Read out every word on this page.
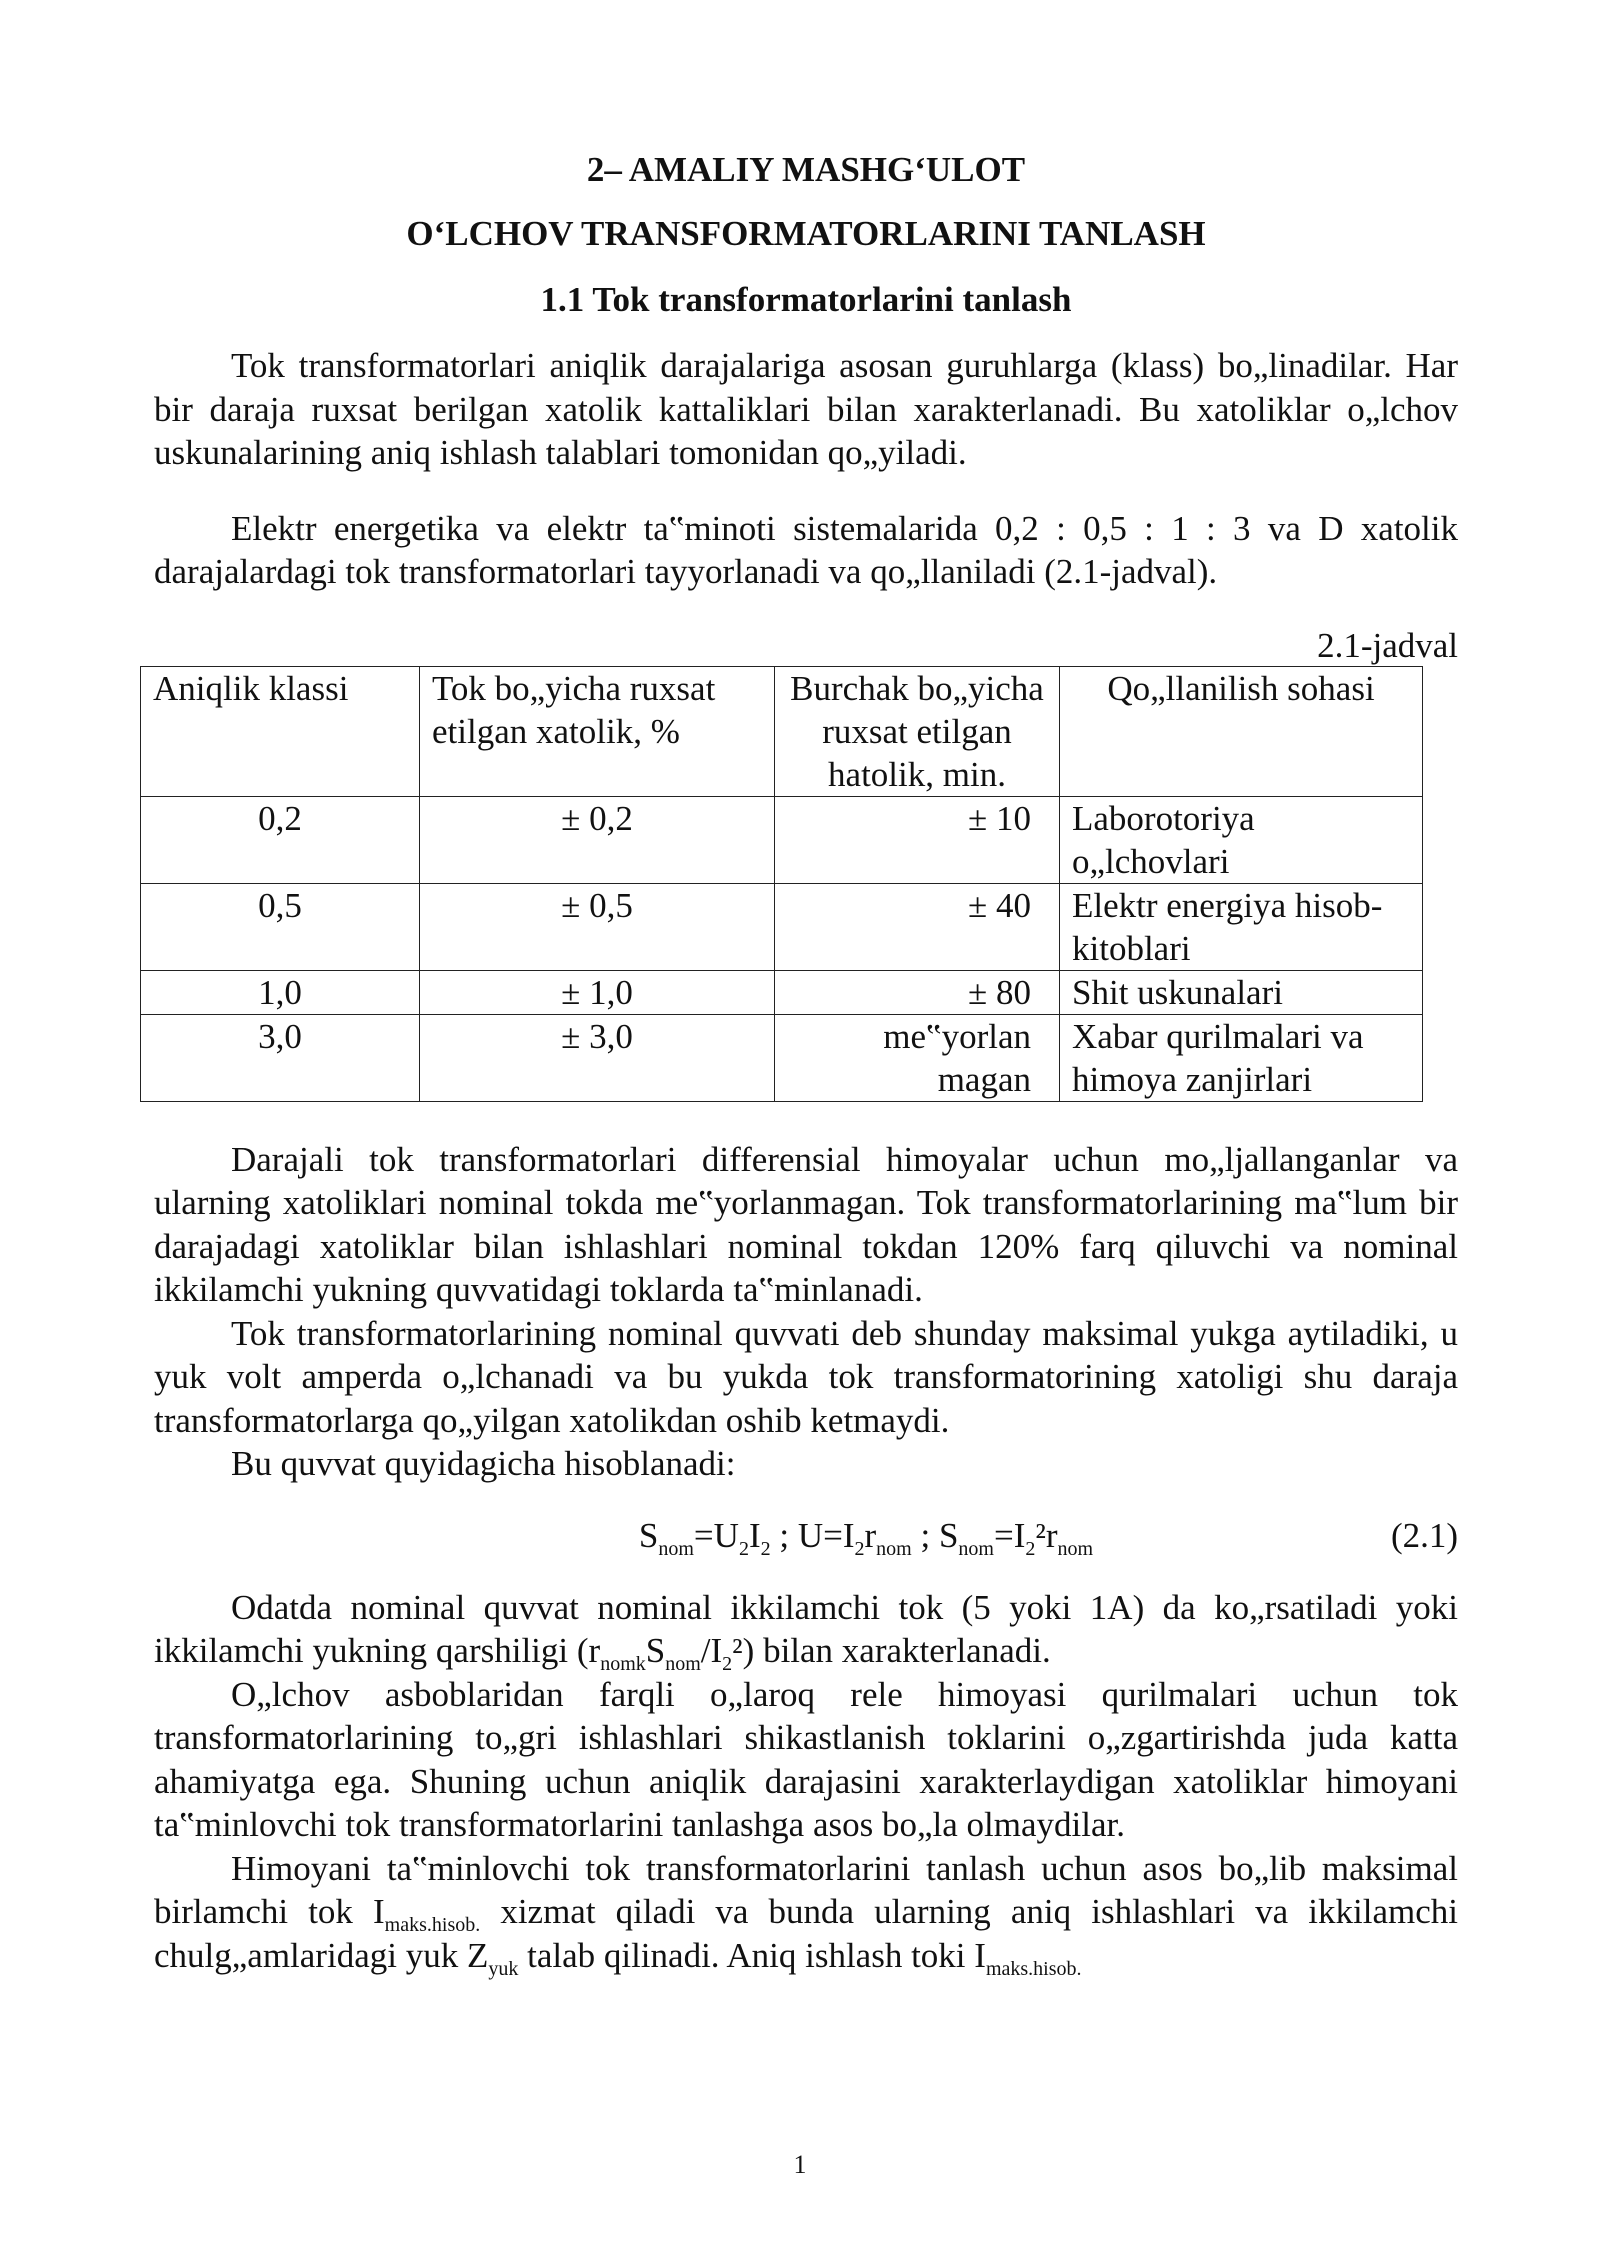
2– AMALIY MASHG‘ULOT
O‘LCHOV TRANSFORMATORLARINI TANLASH
1.1 Tok transformatorlarini tanlash

Tok transformatorlari aniqlik darajalariga asosan guruhlarga (klass) bo„linadilar. Har bir daraja ruxsat berilgan xatolik kattaliklari bilan xarakterlanadi. Bu xatoliklar o„lchov uskunalarining aniq ishlash talablari tomonidan qo„yiladi.

Elektr energetika va elektr ta‟minoti sistemalarida 0,2 : 0,5 : 1 : 3 va D xatolik darajalardagi tok transformatorlari tayyorlanadi va qo„llaniladi (2.1-jadval).

2.1-jadval
Aniqlik klassi	Tok bo„yicha ruxsat etilgan xatolik, %	Burchak bo„yicha ruxsat etilgan hatolik, min.	Qo„llanilish sohasi
0,2	± 0,2	± 10	Laborotoriya o„lchovlari
0,5	± 0,5	± 40	Elektr energiya hisob-kitoblari
1,0	± 1,0	± 80	Shit uskunalari
3,0	± 3,0	me‟yorlan magan	Xabar qurilmalari va himoya zanjirlari

Darajali tok transformatorlari differensial himoyalar uchun mo„ljallanganlar va ularning xatoliklari nominal tokda me‟yorlanmagan. Tok transformatorlarining ma‟lum bir darajadagi xatoliklar bilan ishlashlari nominal tokdan 120% farq qiluvchi va nominal ikkilamchi yukning quvvatidagi toklarda ta‟minlanadi.

Tok transformatorlarining nominal quvvati deb shunday maksimal yukga aytiladiki, u yuk volt amperda o„lchanadi va bu yukda tok transformatorining xatoligi shu daraja transformatorlarga qo„yilgan xatolikdan oshib ketmaydi.

Bu quvvat quyidagicha hisoblanadi:

$S_{nom}=U_2I_2$ ; $U=I_2r_{nom}$ ; $S_{nom}=I_2^2r_{nom}$	(2.1)

Odatda nominal quvvat nominal ikkilamchi tok (5 yoki 1A) da ko„rsatiladi yoki ikkilamchi yukning qarshiligi $(r_{nomk}S_{nom}/I_2^2)$ bilan xarakterlanadi.

O„lchov asboblaridan farqli o„laroq rele himoyasi qurilmalari uchun tok transformatorlarining to„gri ishlashlari shikastlanish toklarini o„zgartirishda juda katta ahamiyatga ega. Shuning uchun aniqlik darajasini xarakterlaydigan xatoliklar himoyani ta‟minlovchi tok transformatorlarini tanlashga asos bo„la olmaydilar.

Himoyani ta‟minlovchi tok transformatorlarini tanlash uchun asos bo„lib maksimal birlamchi tok $I_{maks.hisob.}$ xizmat qiladi va bunda ularning aniq ishlashlari va ikkilamchi chulg„amlaridagi yuk $Z_{yuk}$ talab qilinadi. Aniq ishlash toki $I_{maks.hisob.}$

1
